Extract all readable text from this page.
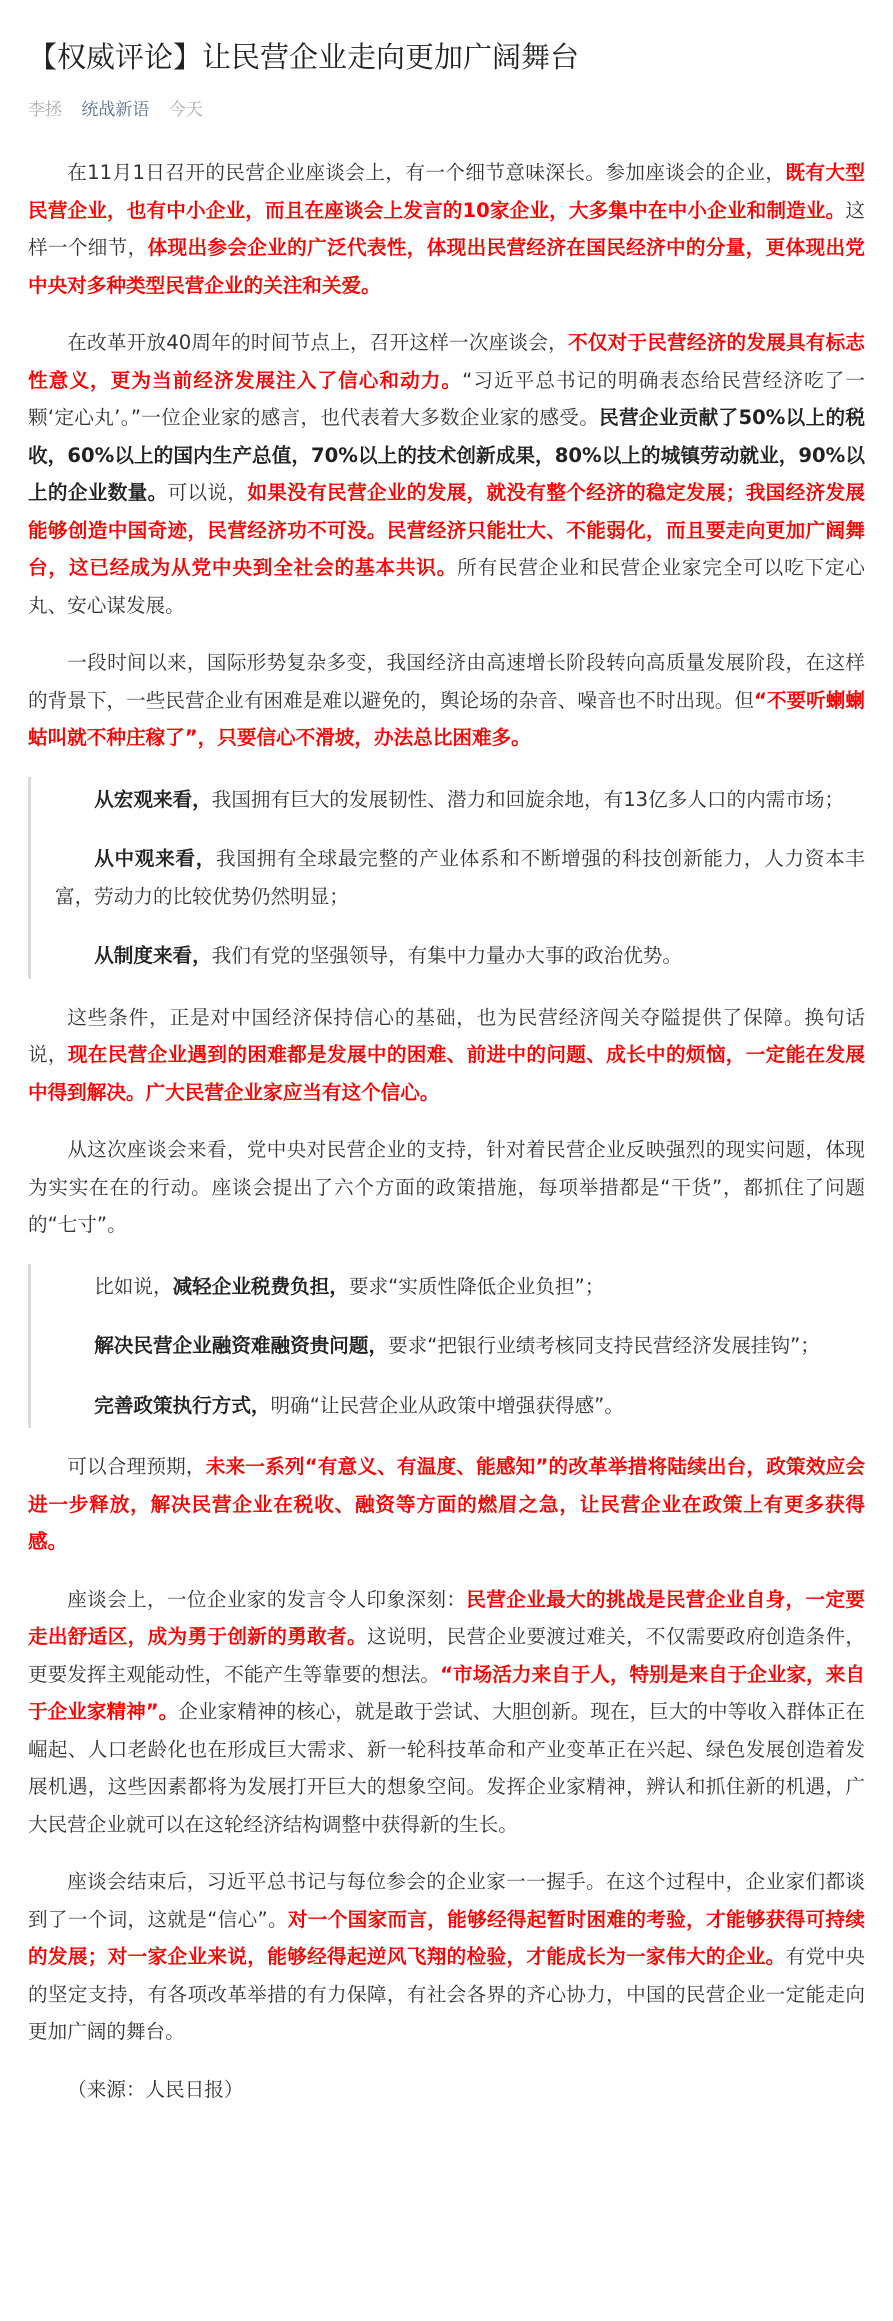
【权威评论】让民营企业走向更加广阔舞台
李拯 统战新语 今天

在11月1日召开的民营企业座谈会上，有一个细节意味深长。参加座谈会的企业，既有大型民营企业，也有中小企业，而且在座谈会上发言的10家企业，大多集中在中小企业和制造业。这样一个细节，体现出参会企业的广泛代表性，体现出民营经济在国民经济中的分量，更体现出党中央对多种类型民营企业的关注和关爱。

在改革开放40周年的时间节点上，召开这样一次座谈会，不仅对于民营经济的发展具有标志性意义，更为当前经济发展注入了信心和动力。“习近平总书记的明确表态给民营经济吃了一颗‘定心丸’。”一位企业家的感言，也代表着大多数企业家的感受。民营企业贡献了50%以上的税收，60%以上的国内生产总值，70%以上的技术创新成果，80%以上的城镇劳动就业，90%以上的企业数量。可以说，如果没有民营企业的发展，就没有整个经济的稳定发展；我国经济发展能够创造中国奇迹，民营经济功不可没。民营经济只能壮大、不能弱化，而且要走向更加广阔舞台，这已经成为从党中央到全社会的基本共识。所有民营企业和民营企业家完全可以吃下定心丸、安心谋发展。

一段时间以来，国际形势复杂多变，我国经济由高速增长阶段转向高质量发展阶段，在这样的背景下，一些民营企业有困难是难以避免的，舆论场的杂音、噪音也不时出现。但“不要听蝲蝲蛄叫就不种庄稼了”，只要信心不滑坡，办法总比困难多。

从宏观来看，我国拥有巨大的发展韧性、潜力和回旋余地，有13亿多人口的内需市场；

从中观来看，我国拥有全球最完整的产业体系和不断增强的科技创新能力，人力资本丰富，劳动力的比较优势仍然明显；

从制度来看，我们有党的坚强领导，有集中力量办大事的政治优势。

这些条件，正是对中国经济保持信心的基础，也为民营经济闯关夺隘提供了保障。换句话说，现在民营企业遇到的困难都是发展中的困难、前进中的问题、成长中的烦恼，一定能在发展中得到解决。广大民营企业家应当有这个信心。

从这次座谈会来看，党中央对民营企业的支持，针对着民营企业反映强烈的现实问题，体现为实实在在的行动。座谈会提出了六个方面的政策措施，每项举措都是“干货”，都抓住了问题的“七寸”。

比如说，减轻企业税费负担，要求“实质性降低企业负担”；

解决民营企业融资难融资贵问题，要求“把银行业绩考核同支持民营经济发展挂钩”；

完善政策执行方式，明确“让民营企业从政策中增强获得感”。

可以合理预期，未来一系列“有意义、有温度、能感知”的改革举措将陆续出台，政策效应会进一步释放，解决民营企业在税收、融资等方面的燃眉之急，让民营企业在政策上有更多获得感。

座谈会上，一位企业家的发言令人印象深刻：民营企业最大的挑战是民营企业自身，一定要走出舒适区，成为勇于创新的勇敢者。这说明，民营企业要渡过难关，不仅需要政府创造条件，更要发挥主观能动性，不能产生等靠要的想法。“市场活力来自于人，特别是来自于企业家，来自于企业家精神”。企业家精神的核心，就是敢于尝试、大胆创新。现在，巨大的中等收入群体正在崛起、人口老龄化也在形成巨大需求、新一轮科技革命和产业变革正在兴起、绿色发展创造着发展机遇，这些因素都将为发展打开巨大的想象空间。发挥企业家精神，辨认和抓住新的机遇，广大民营企业就可以在这轮经济结构调整中获得新的生长。

座谈会结束后，习近平总书记与每位参会的企业家一一握手。在这个过程中，企业家们都谈到了一个词，这就是“信心”。对一个国家而言，能够经得起暂时困难的考验，才能够获得可持续的发展；对一家企业来说，能够经得起逆风飞翔的检验，才能成长为一家伟大的企业。有党中央的坚定支持，有各项改革举措的有力保障，有社会各界的齐心协力，中国的民营企业一定能走向更加广阔的舞台。

（来源：人民日报）
